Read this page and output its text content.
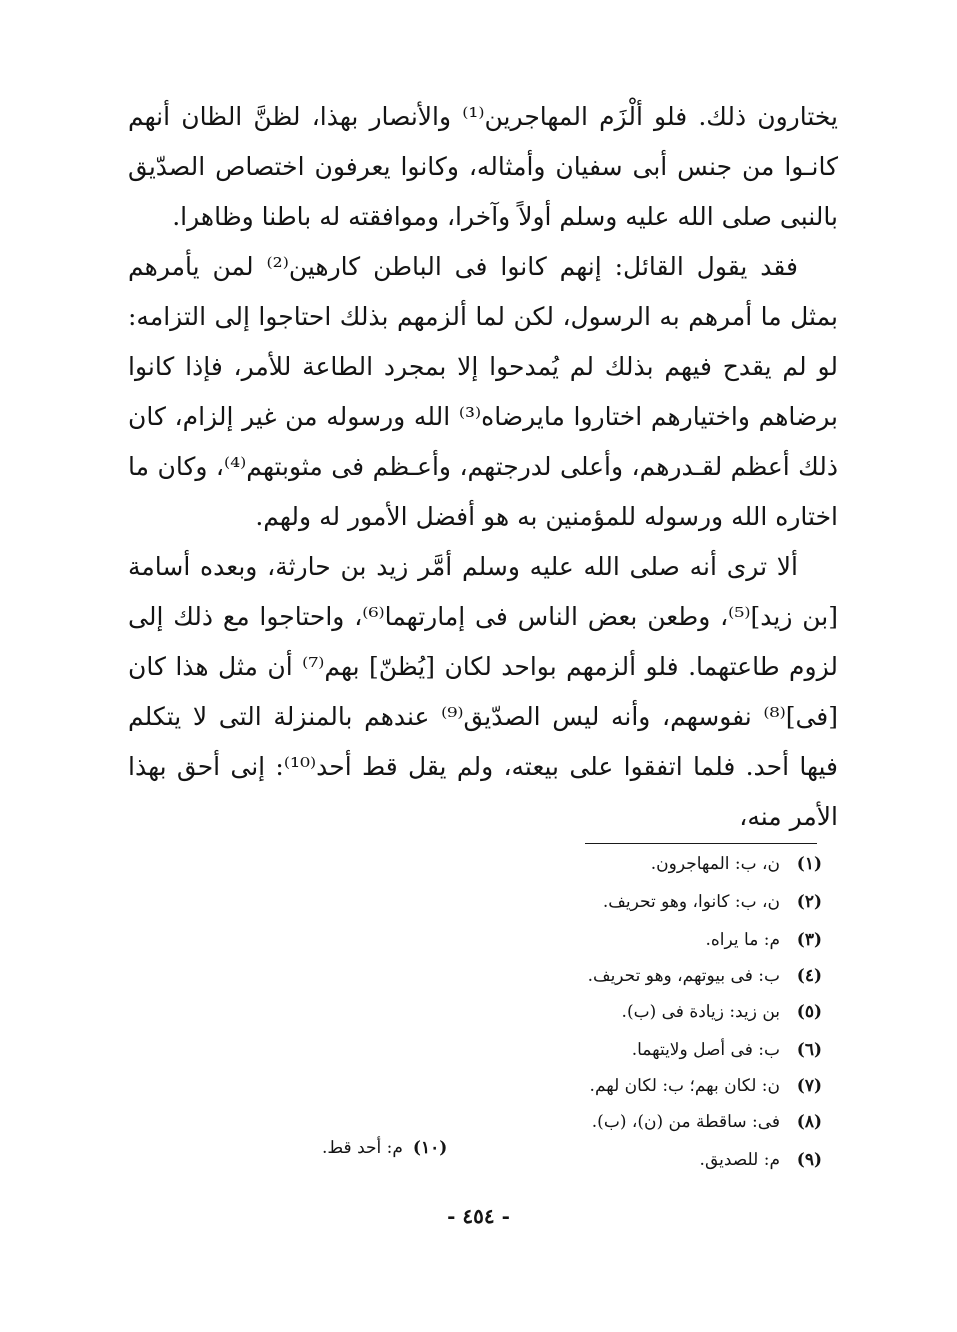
يختارون ذلك. فلو ألْزَم المهاجرين⁽¹⁾ والأنصار بهذا، لظنَّ الظان أنهم كانـوا من جنس أبى سفيان وأمثاله، وكانوا يعرفون اختصاص الصدّيق بالنبى صلى الله عليه وسلم أولاً وآخرا، وموافقته له باطنا وظاهرا.

فقد يقول القائل: إنهم كانوا فى الباطن كارهين⁽²⁾ لمن يأمرهم بمثل ما أمرهم به الرسول، لكن لما ألزمهم بذلك احتاجوا إلى التزامه: لو لم يقدح فيهم بذلك لم يُمدحوا إلا بمجرد الطاعة للأمر، فإذا كانوا برضاهم واختيارهم اختاروا مايرضاه⁽³⁾ الله ورسوله من غير إلزام، كان ذلك أعظم لقـدرهم، وأعلى لدرجتهم، وأعـظم فى مثوبتهم⁽⁴⁾، وكان ما اختاره الله ورسوله للمؤمنين به هو أفضل الأمور له ولهم.

ألا ترى أنه صلى الله عليه وسلم أمَّر زيد بن حارثة، وبعده أسامة [بن زيد]⁽⁵⁾، وطعن بعض الناس فى إمارتهما⁽⁶⁾، واحتاجوا مع ذلك إلى لزوم طاعتهما. فلو ألزمهم بواحد لكان [يُظنّ] بهم⁽⁷⁾ أن مثل هذا كان [فى]⁽⁸⁾ نفوسهم، وأنه ليس الصدّيق⁽⁹⁾ عندهم بالمنزلة التى لا يتكلم فيها أحد. فلما اتفقوا على بيعته، ولم يقل قط أحد⁽¹⁰⁾: إنى أحق بهذا الأمر منه،

(١)ن، ب: المهاجرون.
(٢)ن، ب: كانوا، وهو تحريف.
(٣)م: ما يراه.
(٤)ب: فى بيوتهم، وهو تحريف.
(٥)بن زيد: زيادة فى (ب).
(٦)ب: فى أصل ولايتهما.
(٧)ن: لكان بهم؛ ب: لكان لهم.
(٨)فى: ساقطة من (ن)، (ب).
(٩)م: للصديق.
(١٠)م: أحد قط.
- ٤٥٤ -
